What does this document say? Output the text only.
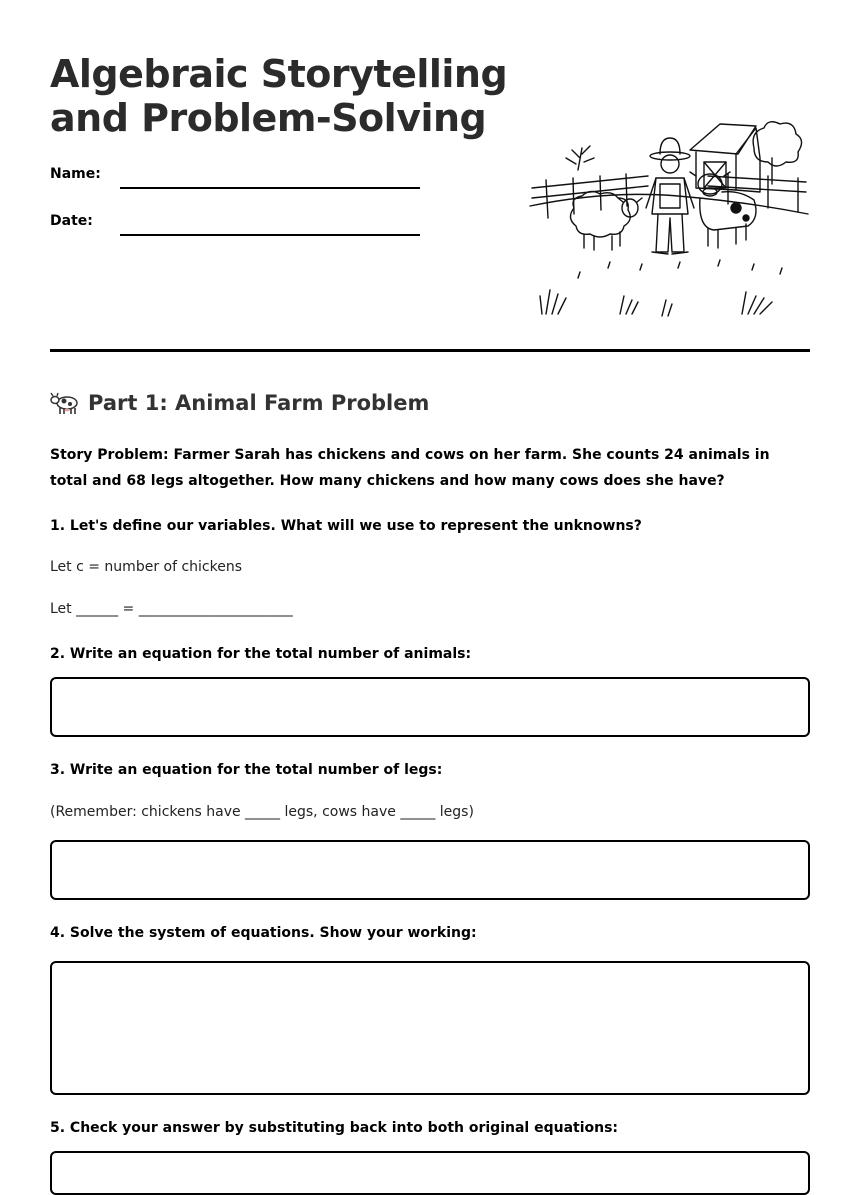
Algebraic Storytelling
and Problem-Solving
Name:
Date:
Part 1: Animal Farm Problem

Story Problem: Farmer Sarah has chickens and cows on her farm. She counts 24 animals in total and 68 legs altogether. How many chickens and how many cows does she have?

1. Let's define our variables. What will we use to represent the unknowns?

Let c = number of chickens

Let ______ = ______________________

2. Write an equation for the total number of animals:

3. Write an equation for the total number of legs:

(Remember: chickens have _____ legs, cows have _____ legs)

4. Solve the system of equations. Show your working:

5. Check your answer by substituting back into both original equations:
